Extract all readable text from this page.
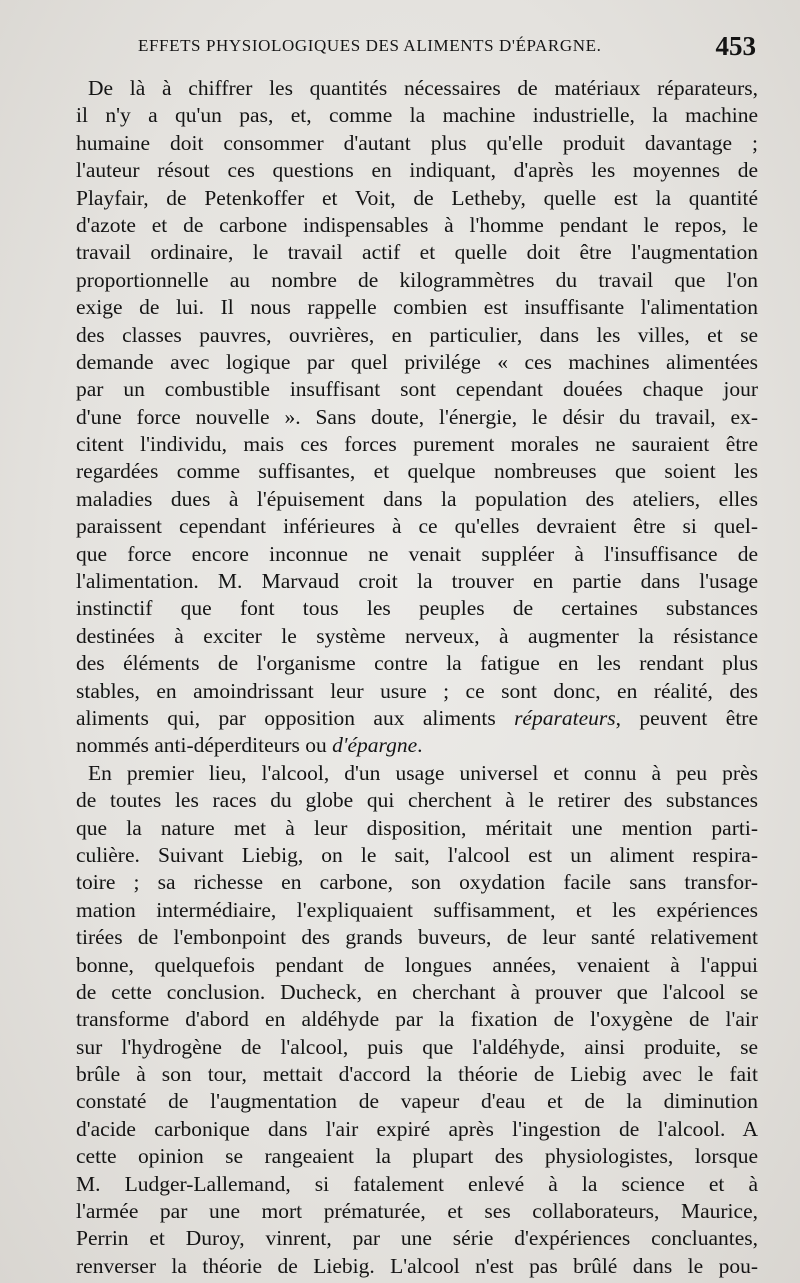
EFFETS PHYSIOLOGIQUES DES ALIMENTS D'ÉPARGNE.	453
De là à chiffrer les quantités nécessaires de matériaux réparateurs,
il n'y a qu'un pas, et, comme la machine industrielle, la machine
humaine doit consommer d'autant plus qu'elle produit davantage ;
l'auteur résout ces questions en indiquant, d'après les moyennes de
Playfair, de Petenkoffer et Voit, de Letheby, quelle est la quantité
d'azote et de carbone indispensables à l'homme pendant le repos, le
travail ordinaire, le travail actif et quelle doit être l'augmentation
proportionnelle au nombre de kilogrammètres du travail que l'on
exige de lui. Il nous rappelle combien est insuffisante l'alimentation
des classes pauvres, ouvrières, en particulier, dans les villes, et se
demande avec logique par quel privilége « ces machines alimentées
par un combustible insuffisant sont cependant douées chaque jour
d'une force nouvelle ». Sans doute, l'énergie, le désir du travail, ex-
citent l'individu, mais ces forces purement morales ne sauraient être
regardées comme suffisantes, et quelque nombreuses que soient les
maladies dues à l'épuisement dans la population des ateliers, elles
paraissent cependant inférieures à ce qu'elles devraient être si quel-
que force encore inconnue ne venait suppléer à l'insuffisance de
l'alimentation. M. Marvaud croit la trouver en partie dans l'usage
instinctif que font tous les peuples de certaines substances
destinées à exciter le système nerveux, à augmenter la résistance
des éléments de l'organisme contre la fatigue en les rendant plus
stables, en amoindrissant leur usure ; ce sont donc, en réalité, des
aliments qui, par opposition aux aliments réparateurs, peuvent être
nommés anti-déperditeurs ou d'épargne.
En premier lieu, l'alcool, d'un usage universel et connu à peu près
de toutes les races du globe qui cherchent à le retirer des substances
que la nature met à leur disposition, méritait une mention parti-
culière. Suivant Liebig, on le sait, l'alcool est un aliment respira-
toire ; sa richesse en carbone, son oxydation facile sans transfor-
mation intermédiaire, l'expliquaient suffisamment, et les expériences
tirées de l'embonpoint des grands buveurs, de leur santé relativement
bonne, quelquefois pendant de longues années, venaient à l'appui
de cette conclusion. Ducheck, en cherchant à prouver que l'alcool se
transforme d'abord en aldéhyde par la fixation de l'oxygène de l'air
sur l'hydrogène de l'alcool, puis que l'aldéhyde, ainsi produite, se
brûle à son tour, mettait d'accord la théorie de Liebig avec le fait
constaté de l'augmentation de vapeur d'eau et de la diminution
d'acide carbonique dans l'air expiré après l'ingestion de l'alcool. A
cette opinion se rangeaient la plupart des physiologistes, lorsque
M. Ludger-Lallemand, si fatalement enlevé à la science et à
l'armée par une mort prématurée, et ses collaborateurs, Maurice,
Perrin et Duroy, vinrent, par une série d'expériences concluantes,
renverser la théorie de Liebig. L'alcool n'est pas brûlé dans le pou-
